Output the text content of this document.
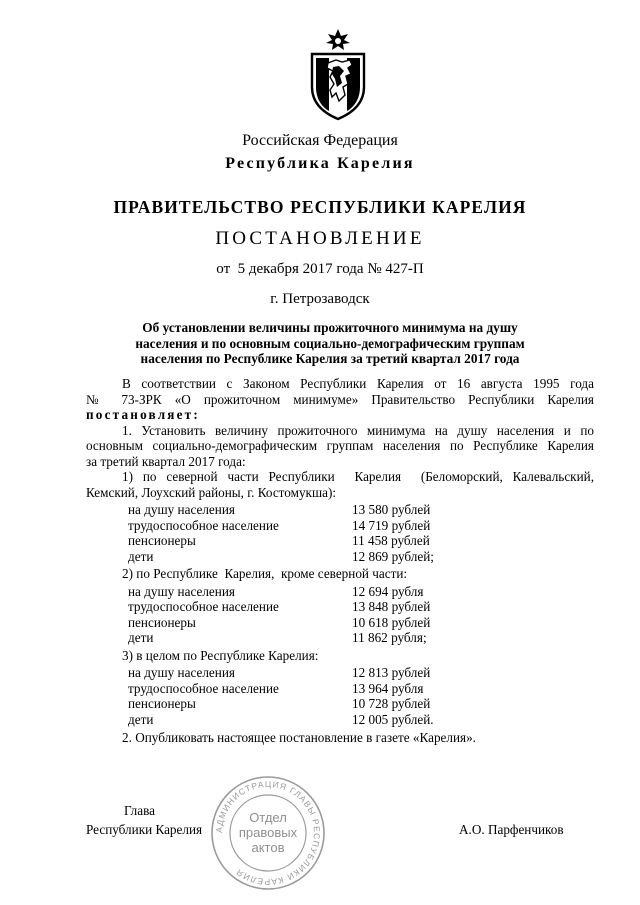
Российская Федерация
Республика Карелия
ПРАВИТЕЛЬСТВО РЕСПУБЛИКИ КАРЕЛИЯ
ПОСТАНОВЛЕНИЕ
от  5 декабря 2017 года № 427-П
г. Петрозаводск
Об установлении величины прожиточного минимума на душу
населения и по основным социально-демографическим группам
населения по Республике Карелия за третий квартал 2017 года

В соответствии с Законом Республики Карелия от 16 августа 1995 года

№ 73-ЗРК «О прожиточном минимуме» Правительство Республики Карелия

постановляет:

1. Установить величину прожиточного минимума на душу населения и по

основным социально-демографическим группам населения по Республике Карелия

за третий квартал 2017 года:

1) по северной части Республики  Карелия  (Беломорский, Калевальский,

Кемский, Лоухский районы, г. Костомукша):

на душу населения	13 580 рублей
трудоспособное население	14 719 рублей
пенсионеры	11 458 рублей
дети	12 869 рублей;

2) по Республике  Карелия,  кроме северной части:

на душу населения	12 694 рубля
трудоспособное население	13 848 рублей
пенсионеры	10 618 рублей
дети	11 862 рубля;

3) в целом по Республике Карелия:

на душу населения	12 813 рублей
трудоспособное население	13 964 рубля
пенсионеры	10 728 рублей
дети	12 005 рублей.

2. Опубликовать настоящее постановление в газете «Карелия».

Глава
Республики Карелия	А.О. Парфенчиков
АДМИНИСТРАЦИЯ ГЛАВЫ РЕСПУБЛИКИ КАРЕЛИЯ
Отдел
правовых
актов
